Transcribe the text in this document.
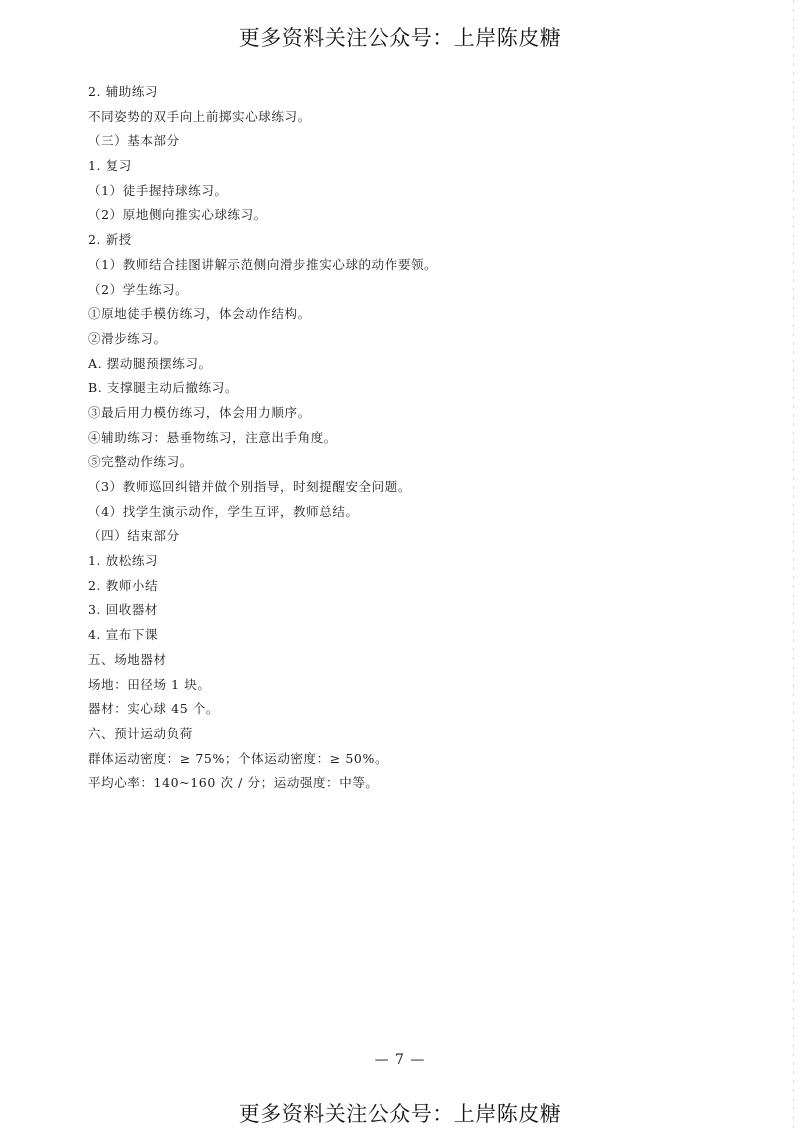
更多资料关注公众号：上岸陈皮糖
2. 辅助练习
不同姿势的双手向上前掷实心球练习。
（三）基本部分
1. 复习
（1）徒手握持球练习。
（2）原地侧向推实心球练习。
2. 新授
（1）教师结合挂图讲解示范侧向滑步推实心球的动作要领。
（2）学生练习。
①原地徒手模仿练习，体会动作结构。
②滑步练习。
A. 摆动腿预摆练习。
B. 支撑腿主动后撤练习。
③最后用力模仿练习，体会用力顺序。
④辅助练习：悬垂物练习，注意出手角度。
⑤完整动作练习。
（3）教师巡回纠错并做个别指导，时刻提醒安全问题。
（4）找学生演示动作，学生互评，教师总结。
（四）结束部分
1. 放松练习
2. 教师小结
3. 回收器材
4. 宣布下课
五、场地器材
场地：田径场 1 块。
器材：实心球 45 个。
六、预计运动负荷
群体运动密度：≥ 75%；个体运动密度：≥ 50%。
平均心率：140~160 次 / 分；运动强度：中等。
— 7 —
更多资料关注公众号：上岸陈皮糖
